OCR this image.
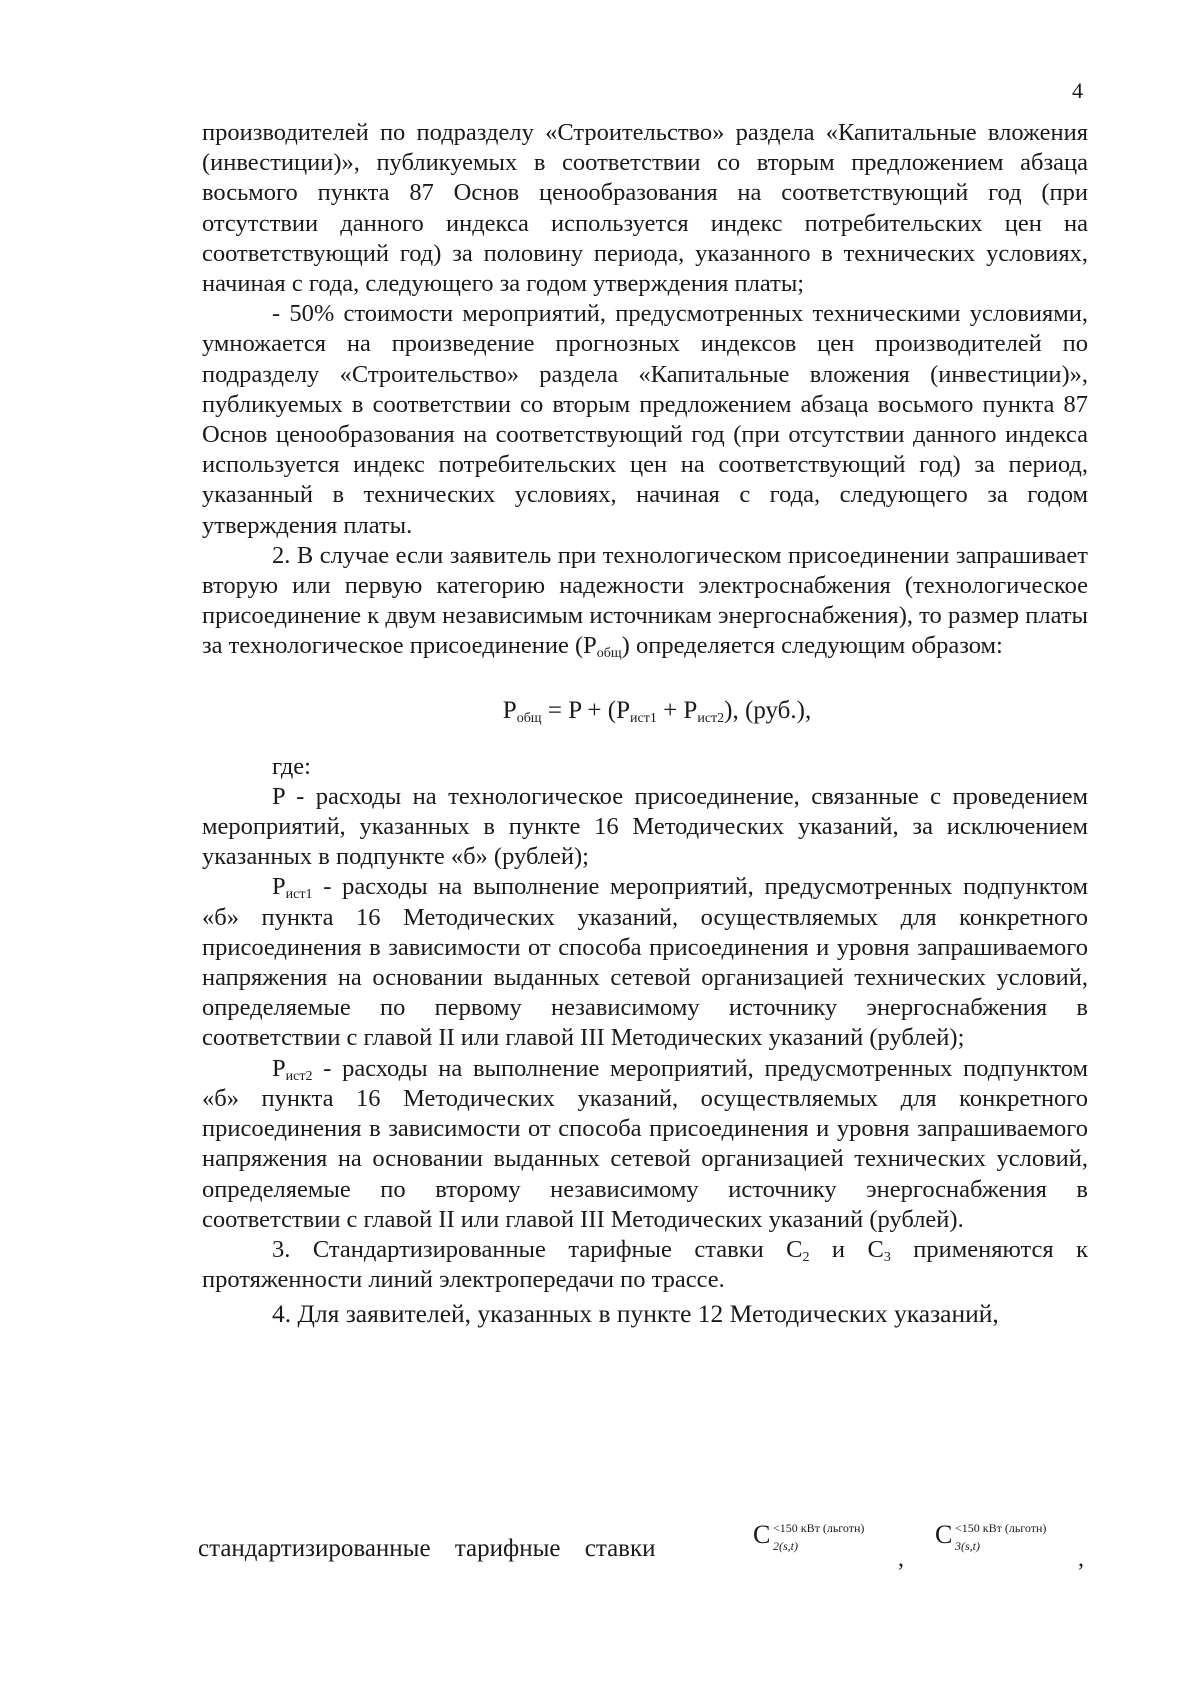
4

производителей по подразделу «Строительство» раздела «Капитальные вложения (инвестиции)», публикуемых в соответствии со вторым предложением абзаца восьмого пункта 87 Основ ценообразования на соответствующий год (при отсутствии данного индекса используется индекс потребительских цен на соответствующий год) за половину периода, указанного в технических условиях, начиная с года, следующего за годом утверждения платы;

- 50% стоимости мероприятий, предусмотренных техническими условиями, умножается на произведение прогнозных индексов цен производителей по подразделу «Строительство» раздела «Капитальные вложения (инвестиции)», публикуемых в соответствии со вторым предложением абзаца восьмого пункта 87 Основ ценообразования на соответствующий год (при отсутствии данного индекса используется индекс потребительских цен на соответствующий год) за период, указанный в технических условиях, начиная с года, следующего за годом утверждения платы.

2. В случае если заявитель при технологическом присоединении запрашивает вторую или первую категорию надежности электроснабжения (технологическое присоединение к двум независимым источникам энергоснабжения), то размер платы за технологическое присоединение $(P_{общ})$ определяется следующим образом:

$P_{общ} = P + (P_{ист1} + P_{ист2})$, (руб.),

где:

P - расходы на технологическое присоединение, связанные с проведением мероприятий, указанных в пункте 16 Методических указаний, за исключением указанных в подпункте «б» (рублей);

$P_{ист1}$ - расходы на выполнение мероприятий, предусмотренных подпунктом «б» пункта 16 Методических указаний, осуществляемых для конкретного присоединения в зависимости от способа присоединения и уровня запрашиваемого напряжения на основании выданных сетевой организацией технических условий, определяемые по первому независимому источнику энергоснабжения в соответствии с главой II или главой III Методических указаний (рублей);

$P_{ист2}$ - расходы на выполнение мероприятий, предусмотренных подпунктом «б» пункта 16 Методических указаний, осуществляемых для конкретного присоединения в зависимости от способа присоединения и уровня запрашиваемого напряжения на основании выданных сетевой организацией технических условий, определяемые по второму независимому источнику энергоснабжения в соответствии с главой II или главой III Методических указаний (рублей).

3. Стандартизированные тарифные ставки $C_2$ и $C_3$ применяются к протяженности линий электропередачи по трассе.

4. Для заявителей, указанных в пункте 12 Методических указаний,

стандартизированные тарифные ставки	C <150 кВт (льготн)
2(s,t)	,
C <150 кВт (льготн)
3(s,t)	,
